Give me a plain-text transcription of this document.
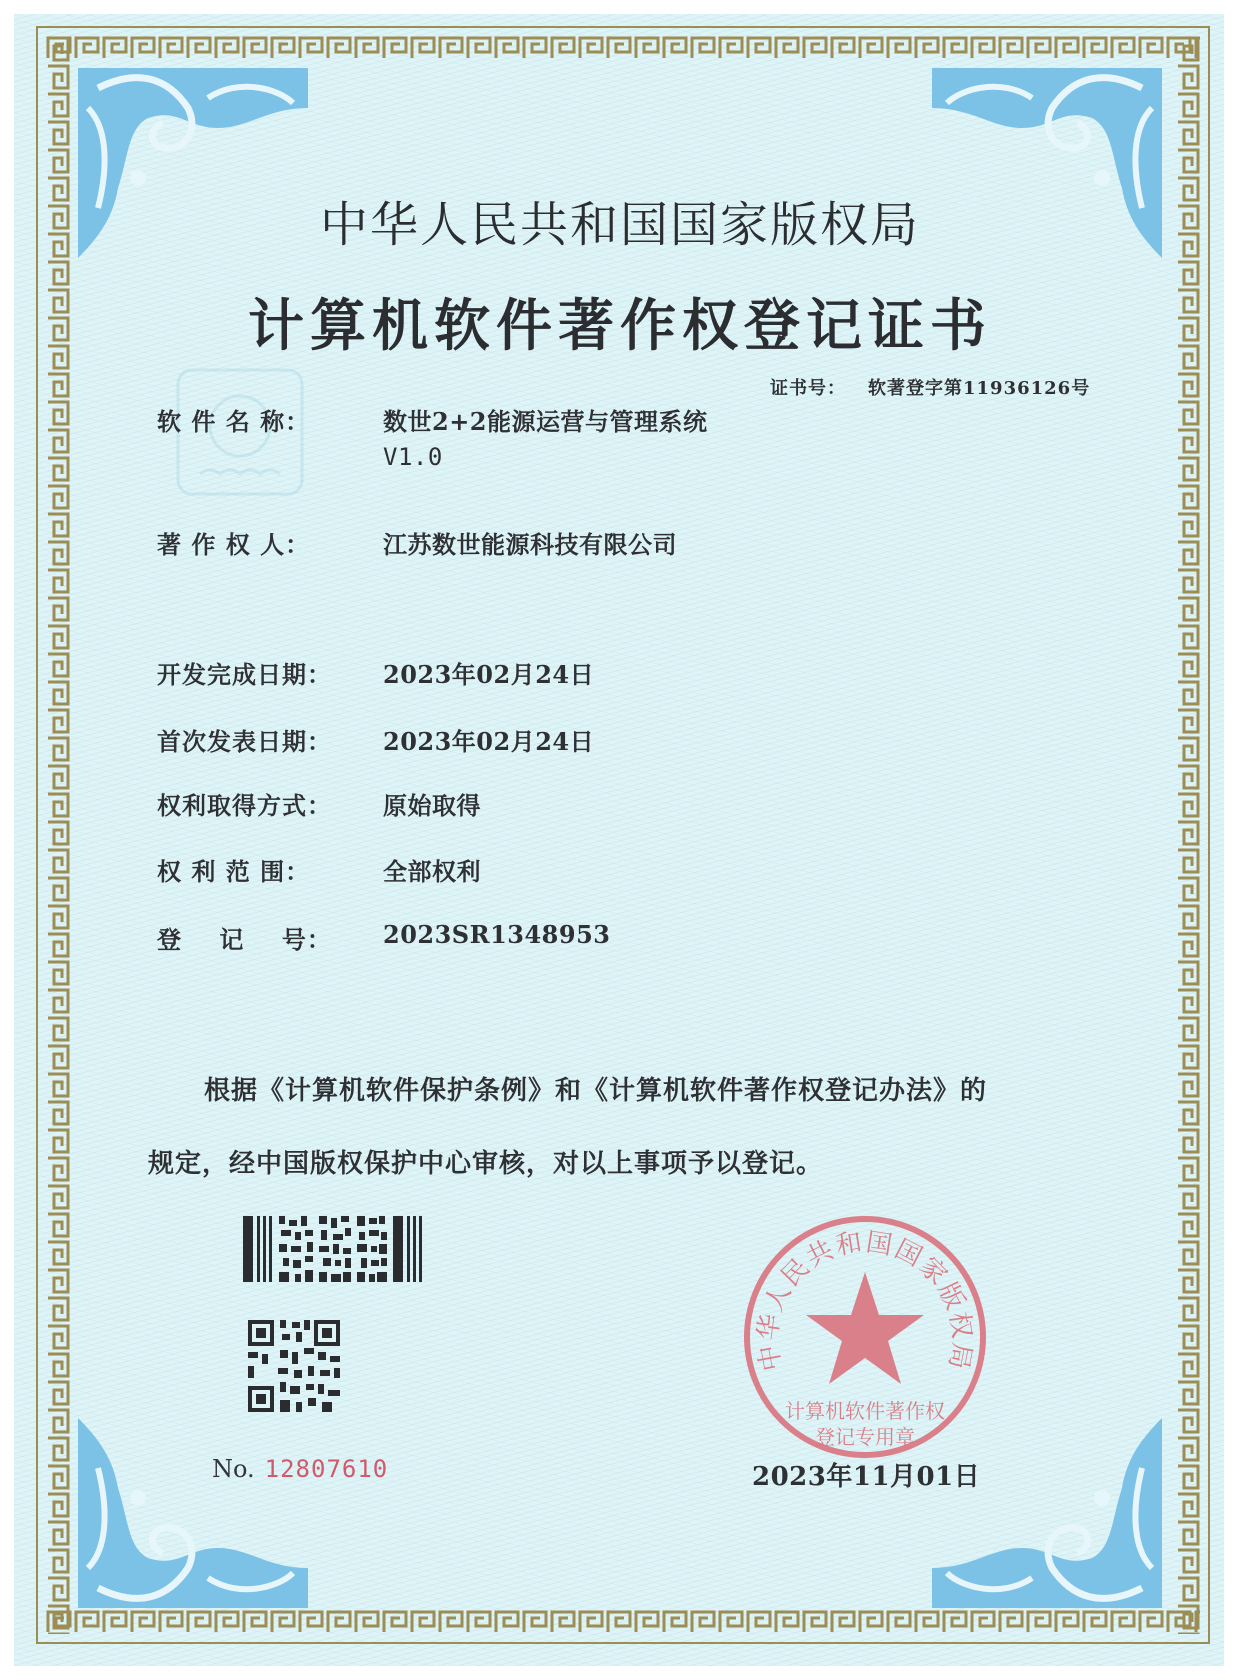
中华人民共和国国家版权局
计算机软件著作权登记证书
证书号： 软著登字第11936126号
软 件 名 称：	数世2+2能源运营与管理系统
V1.0
著 作 权 人：	江苏数世能源科技有限公司
开发完成日期：	2023年02月24日
首次发表日期：	2023年02月24日
权利取得方式：	原始取得
权 利 范 围：	全部权利
登    记    号：	2023SR1348953
根据《计算机软件保护条例》和《计算机软件著作权登记办法》的
规定，经中国版权保护中心审核，对以上事项予以登记。
No. 12807610
中华人民共和国国家版权局
计算机软件著作权
登记专用章
2023年11月01日
